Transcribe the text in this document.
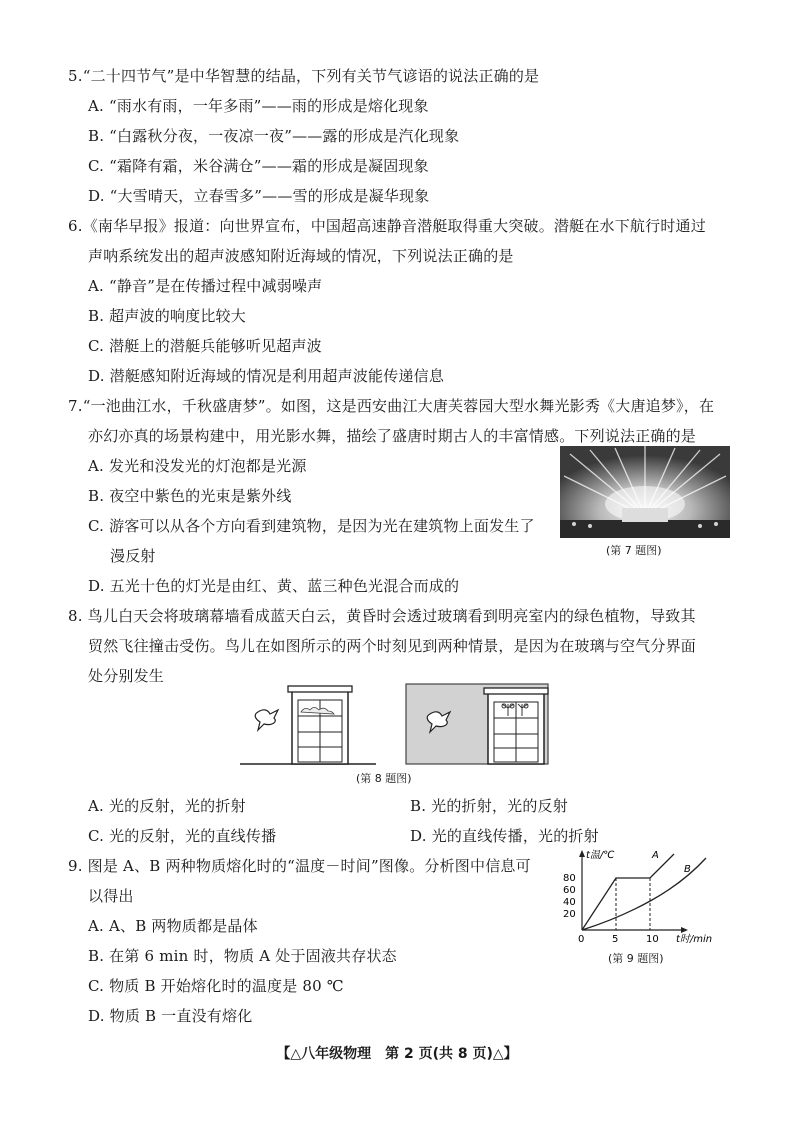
5.“二十四节气”是中华智慧的结晶，下列有关节气谚语的说法正确的是
A. “雨水有雨，一年多雨”——雨的形成是熔化现象
B. “白露秋分夜，一夜凉一夜”——露的形成是汽化现象
C. “霜降有霜，米谷满仓”——霜的形成是凝固现象
D. “大雪晴天，立春雪多”——雪的形成是凝华现象
6.《南华早报》报道：向世界宣布，中国超高速静音潜艇取得重大突破。潜艇在水下航行时通过
声呐系统发出的超声波感知附近海域的情况，下列说法正确的是
A. “静音”是在传播过程中减弱噪声
B. 超声波的响度比较大
C. 潜艇上的潜艇兵能够听见超声波
D. 潜艇感知附近海域的情况是利用超声波能传递信息
7.“一池曲江水，千秋盛唐梦”。如图，这是西安曲江大唐芙蓉园大型水舞光影秀《大唐追梦》，在
亦幻亦真的场景构建中，用光影水舞，描绘了盛唐时期古人的丰富情感。下列说法正确的是
A. 发光和没发光的灯泡都是光源
B. 夜空中紫色的光束是紫外线
C. 游客可以从各个方向看到建筑物，是因为光在建筑物上面发生了
漫反射
D. 五光十色的灯光是由红、黄、蓝三种色光混合而成的
(第 7 题图)
8. 鸟儿白天会将玻璃幕墙看成蓝天白云，黄昏时会透过玻璃看到明亮室内的绿色植物，导致其
贸然飞往撞击受伤。鸟儿在如图所示的两个时刻见到两种情景，是因为在玻璃与空气分界面
处分别发生
(第 8 题图)
A. 光的反射，光的折射	B. 光的折射，光的反射
C. 光的反射，光的直线传播	D. 光的直线传播，光的折射
9. 图是 A、B 两种物质熔化时的“温度－时间”图像。分析图中信息可
以得出
A. A、B 两物质都是晶体
B. 在第 6 min 时，物质 A 处于固液共存状态
C. 物质 B 开始熔化时的温度是 80 ℃
D. 物质 B 一直没有熔化
80
60
40
20
0	5	10
t温/℃	A
B
t时/min
(第 9 题图)
【△八年级物理　第 2 页(共 8 页)△】
